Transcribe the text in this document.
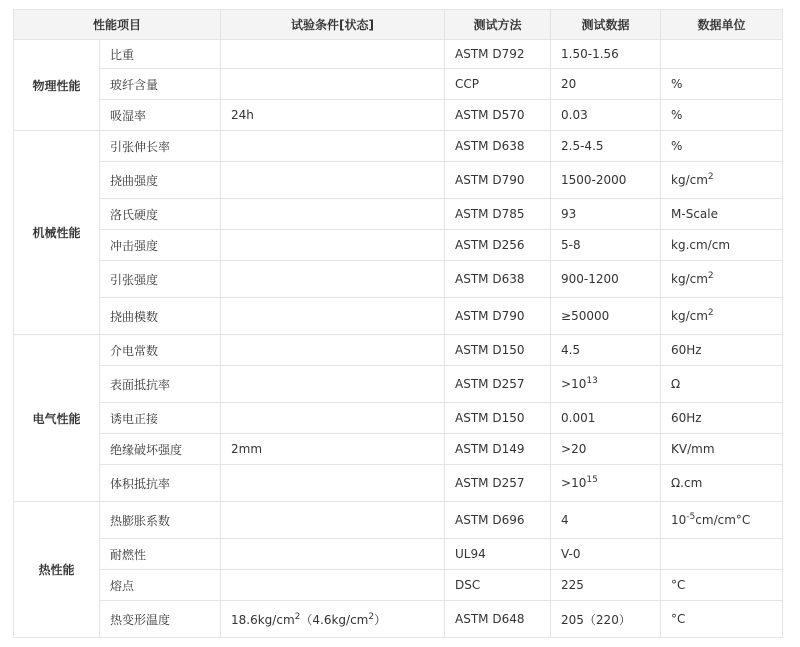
性能项目		试验条件[状态]	测试方法	测试数据	数据单位
物理性能	比重		ASTM D792	1.50-1.56	
	玻纤含量		CCP	20	%
	吸湿率	24h	ASTM D570	0.03	%
机械性能	引张伸长率		ASTM D638	2.5-4.5	%
	挠曲强度		ASTM D790	1500-2000	$kg/cm^2$
	洛氏硬度		ASTM D785	93	M-Scale
	冲击强度		ASTM D256	5-8	kg.cm/cm
	引张强度		ASTM D638	900-1200	$kg/cm^2$
	挠曲模数		ASTM D790	≥50000	$kg/cm^2$
电气性能	介电常数		ASTM D150	4.5	60Hz
	表面抵抗率		ASTM D257	$>10^{13}$	Ω
	诱电正接		ASTM D150	0.001	60Hz
	绝缘破坏强度	2mm	ASTM D149	>20	KV/mm
	体积抵抗率		ASTM D257	$>10^{15}$	Ω.cm
热性能	热膨胀系数		ASTM D696	4	$10^{-5}cm/cm^\circ C$
	耐燃性		UL94	V-0	
	熔点		DSC	225	°C
	热变形温度	$18.6kg/cm^2(4.6kg/cm^2)$	ASTM D648	205（220）	°C
